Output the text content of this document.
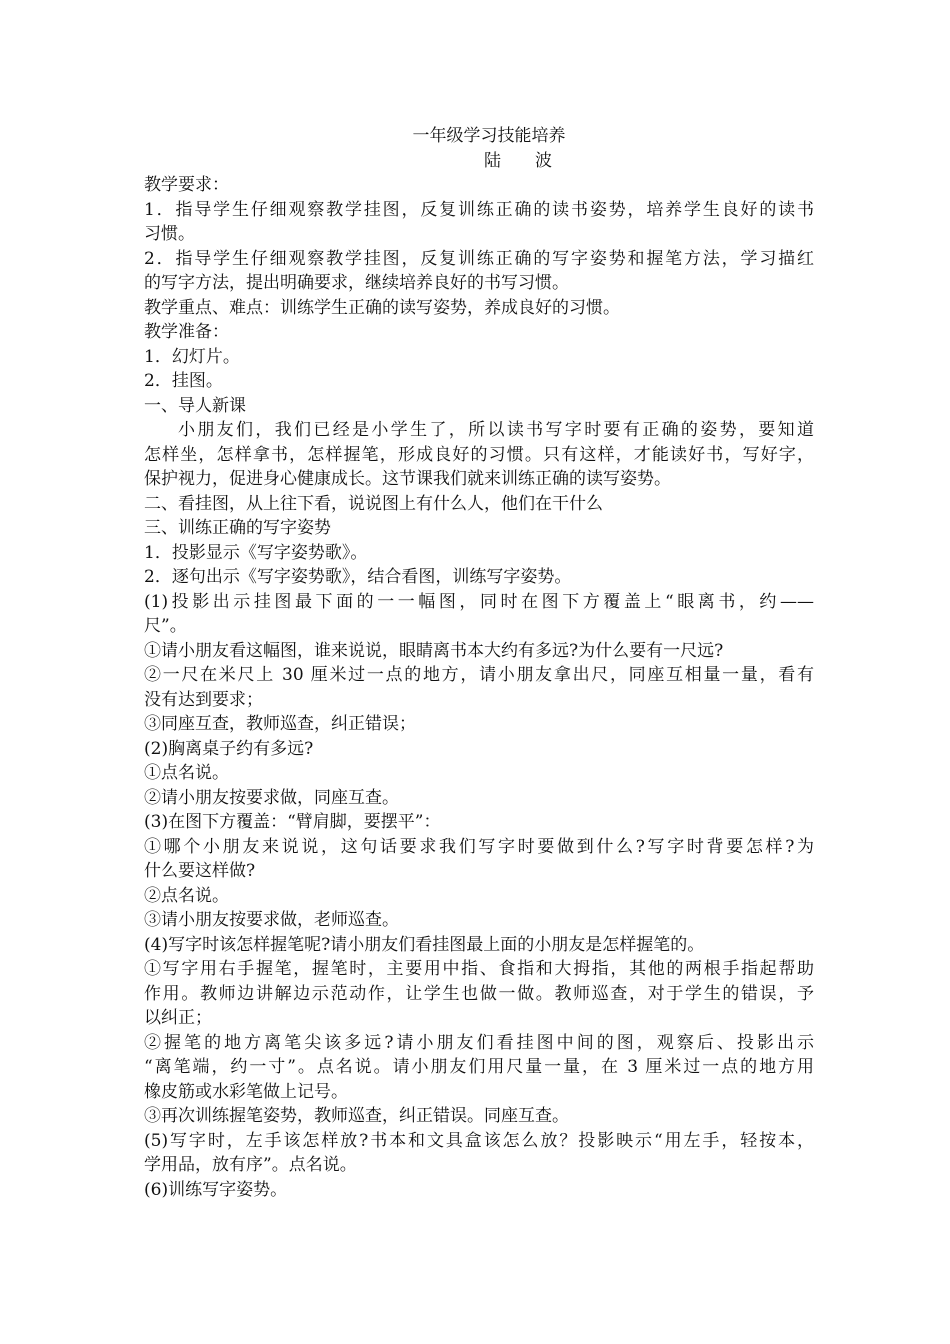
一年级学习技能培养
陆 波
教学要求：
1．指导学生仔细观察教学挂图，反复训练正确的读书姿势，培养学生良好的读书
习惯。
2．指导学生仔细观察教学挂图，反复训练正确的写字姿势和握笔方法，学习描红
的写字方法，提出明确要求，继续培养良好的书写习惯。
教学重点、难点：训练学生正确的读写姿势，养成良好的习惯。
教学准备：
1．幻灯片。
2．挂图。
一、导人新课
小朋友们，我们已经是小学生了，所以读书写字时要有正确的姿势，要知道
怎样坐，怎样拿书，怎样握笔，形成良好的习惯。只有这样，才能读好书，写好字，
保护视力，促进身心健康成长。这节课我们就来训练正确的读写姿势。
二、看挂图，从上往下看，说说图上有什么人，他们在干什么
三、训练正确的写字姿势
1．投影显示《写字姿势歌》。
2．逐句出示《写字姿势歌》，结合看图，训练写字姿势。
(1)投影出示挂图最下面的一一幅图，同时在图下方覆盖上“眼离书，约——
尺”。
①请小朋友看这幅图，谁来说说，眼睛离书本大约有多远?为什么要有一尺远?
②一尺在米尺上 30 厘米过一点的地方，请小朋友拿出尺，同座互相量一量，看有
没有达到要求；
③同座互查，教师巡查，纠正错误；
(2)胸离桌子约有多远?
①点名说。
②请小朋友按要求做，同座互查。
(3)在图下方覆盖：“臂肩脚，要摆平”：
①哪个小朋友来说说，这句话要求我们写字时要做到什么?写字时背要怎样?为
什么要这样做?
②点名说。
③请小朋友按要求做，老师巡查。
(4)写字时该怎样握笔呢?请小朋友们看挂图最上面的小朋友是怎样握笔的。
①写字用右手握笔，握笔时，主要用中指、食指和大拇指，其他的两根手指起帮助
作用。教师边讲解边示范动作，让学生也做一做。教师巡查，对于学生的错误，予
以纠正；
②握笔的地方离笔尖该多远?请小朋友们看挂图中间的图，观察后、投影出示
“离笔端，约一寸”。点名说。请小朋友们用尺量一量，在 3 厘米过一点的地方用
橡皮筋或水彩笔做上记号。
③再次训练握笔姿势，教师巡查，纠正错误。同座互查。
(5)写字时，左手该怎样放?书本和文具盒该怎么放？投影映示“用左手，轻按本，
学用品，放有序”。点名说。
(6)训练写字姿势。
